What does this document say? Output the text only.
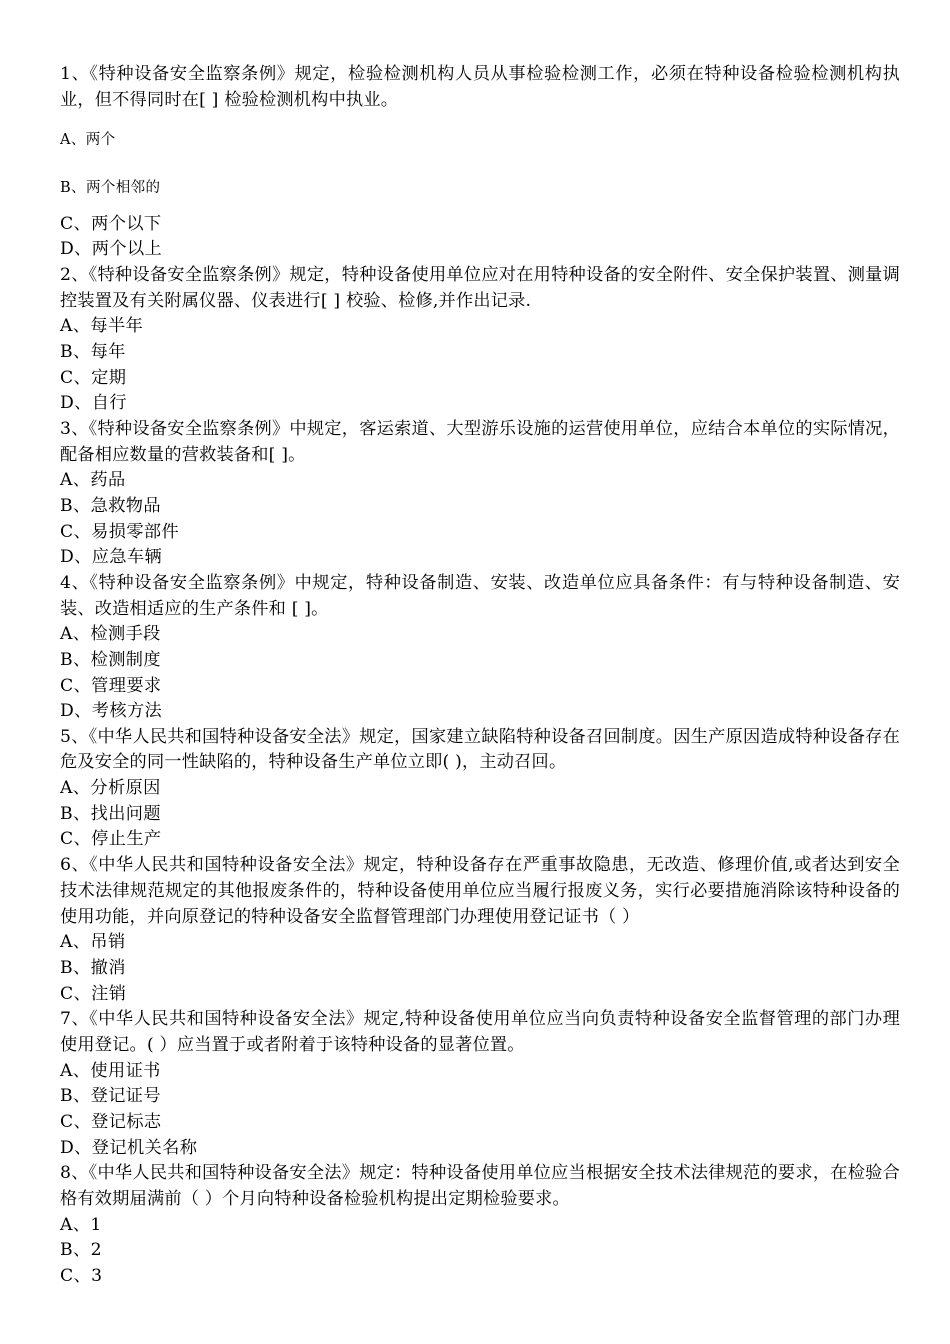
1、《特种设备安全监察条例》规定，检验检测机构人员从事检验检测工作，必须在特种设备检验检测机构执业，但不得同时在[ ] 检验检测机构中执业。
A、两个
B、两个相邻的
C、两个以下
D、两个以上
2、《特种设备安全监察条例》规定，特种设备使用单位应对在用特种设备的安全附件、安全保护装置、测量调控装置及有关附属仪器、仪表进行[ ] 校验、检修,并作出记录.
A、每半年
B、每年
C、定期
D、自行
3、《特种设备安全监察条例》中规定，客运索道、大型游乐设施的运营使用单位，应结合本单位的实际情况，配备相应数量的营救装备和[ ]。
A、药品
B、急救物品
C、易损零部件
D、应急车辆
4、《特种设备安全监察条例》中规定，特种设备制造、安装、改造单位应具备条件：有与特种设备制造、安装、改造相适应的生产条件和 [ ]。
A、检测手段
B、检测制度
C、管理要求
D、考核方法
5、《中华人民共和国特种设备安全法》规定，国家建立缺陷特种设备召回制度。因生产原因造成特种设备存在危及安全的同一性缺陷的，特种设备生产单位立即( )，主动召回。
A、分析原因
B、找出问题
C、停止生产
6、《中华人民共和国特种设备安全法》规定，特种设备存在严重事故隐患，无改造、修理价值,或者达到安全技术法律规范规定的其他报废条件的，特种设备使用单位应当履行报废义务，实行必要措施消除该特种设备的使用功能，并向原登记的特种设备安全监督管理部门办理使用登记证书（ ）
A、吊销
B、撤消
C、注销
7、《中华人民共和国特种设备安全法》规定,特种设备使用单位应当向负责特种设备安全监督管理的部门办理使用登记。( ）应当置于或者附着于该特种设备的显著位置。
A、使用证书
B、登记证号
C、登记标志
D、登记机关名称
8、《中华人民共和国特种设备安全法》规定：特种设备使用单位应当根据安全技术法律规范的要求，在检验合格有效期届满前（ ）个月向特种设备检验机构提出定期检验要求。
A、1
B、2
C、3
